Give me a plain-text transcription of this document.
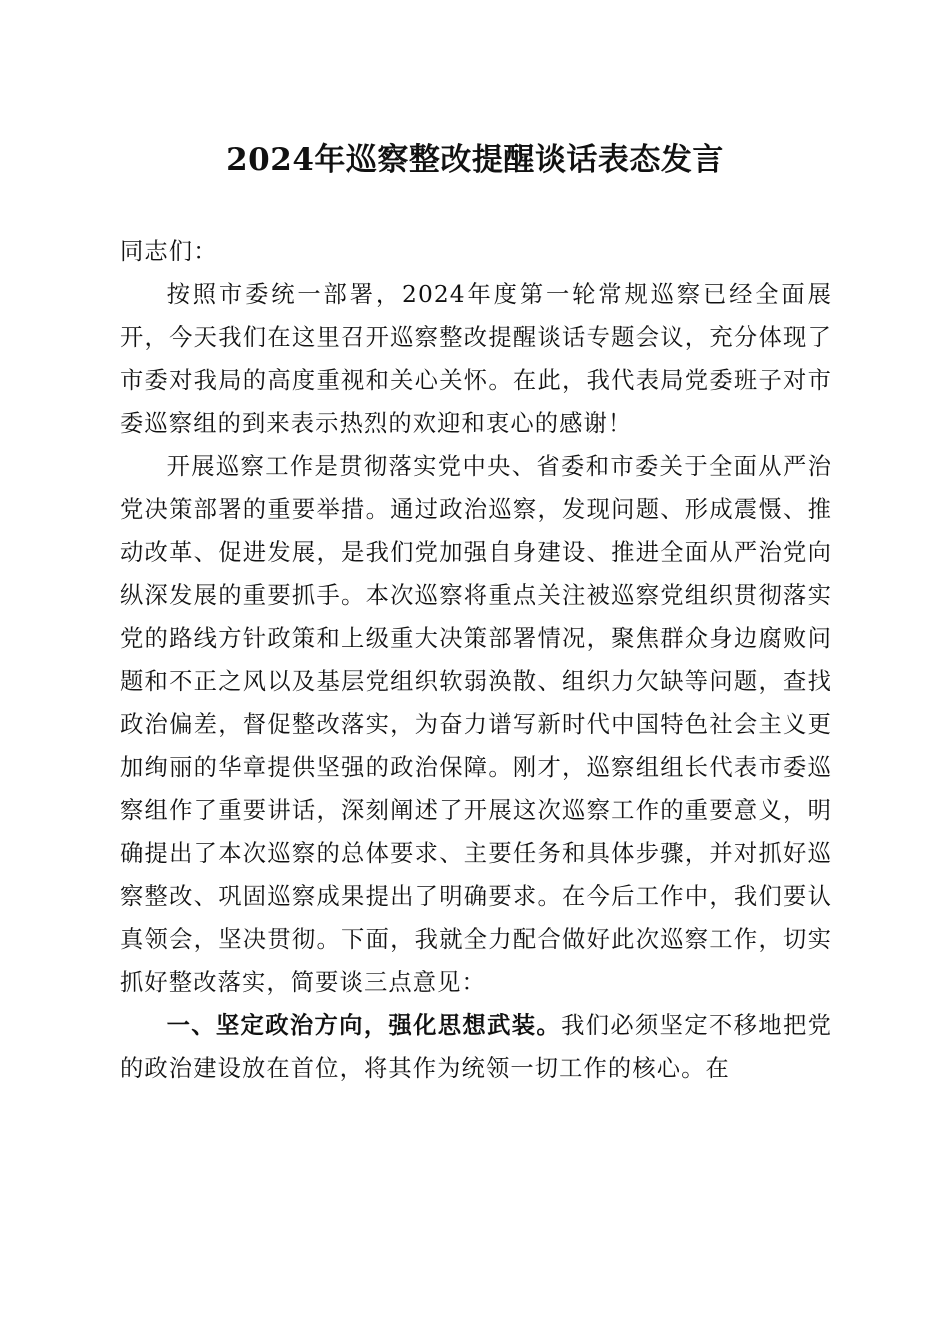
2024年巡察整改提醒谈话表态发言

同志们：

按照市委统一部署，2024年度第一轮常规巡察已经全面展开，今天我们在这里召开巡察整改提醒谈话专题会议，充分体现了市委对我局的高度重视和关心关怀。在此，我代表局党委班子对市委巡察组的到来表示热烈的欢迎和衷心的感谢！

开展巡察工作是贯彻落实党中央、省委和市委关于全面从严治党决策部署的重要举措。通过政治巡察，发现问题、形成震慑、推动改革、促进发展，是我们党加强自身建设、推进全面从严治党向纵深发展的重要抓手。本次巡察将重点关注被巡察党组织贯彻落实党的路线方针政策和上级重大决策部署情况，聚焦群众身边腐败问题和不正之风以及基层党组织软弱涣散、组织力欠缺等问题，查找政治偏差，督促整改落实，为奋力谱写新时代中国特色社会主义更加绚丽的华章提供坚强的政治保障。刚才，巡察组组长代表市委巡察组作了重要讲话，深刻阐述了开展这次巡察工作的重要意义，明确提出了本次巡察的总体要求、主要任务和具体步骤，并对抓好巡察整改、巩固巡察成果提出了明确要求。在今后工作中，我们要认真领会，坚决贯彻。下面，我就全力配合做好此次巡察工作，切实抓好整改落实，简要谈三点意见：

一、坚定政治方向，强化思想武装。我们必须坚定不移地把党的政治建设放在首位，将其作为统领一切工作的核心。在
